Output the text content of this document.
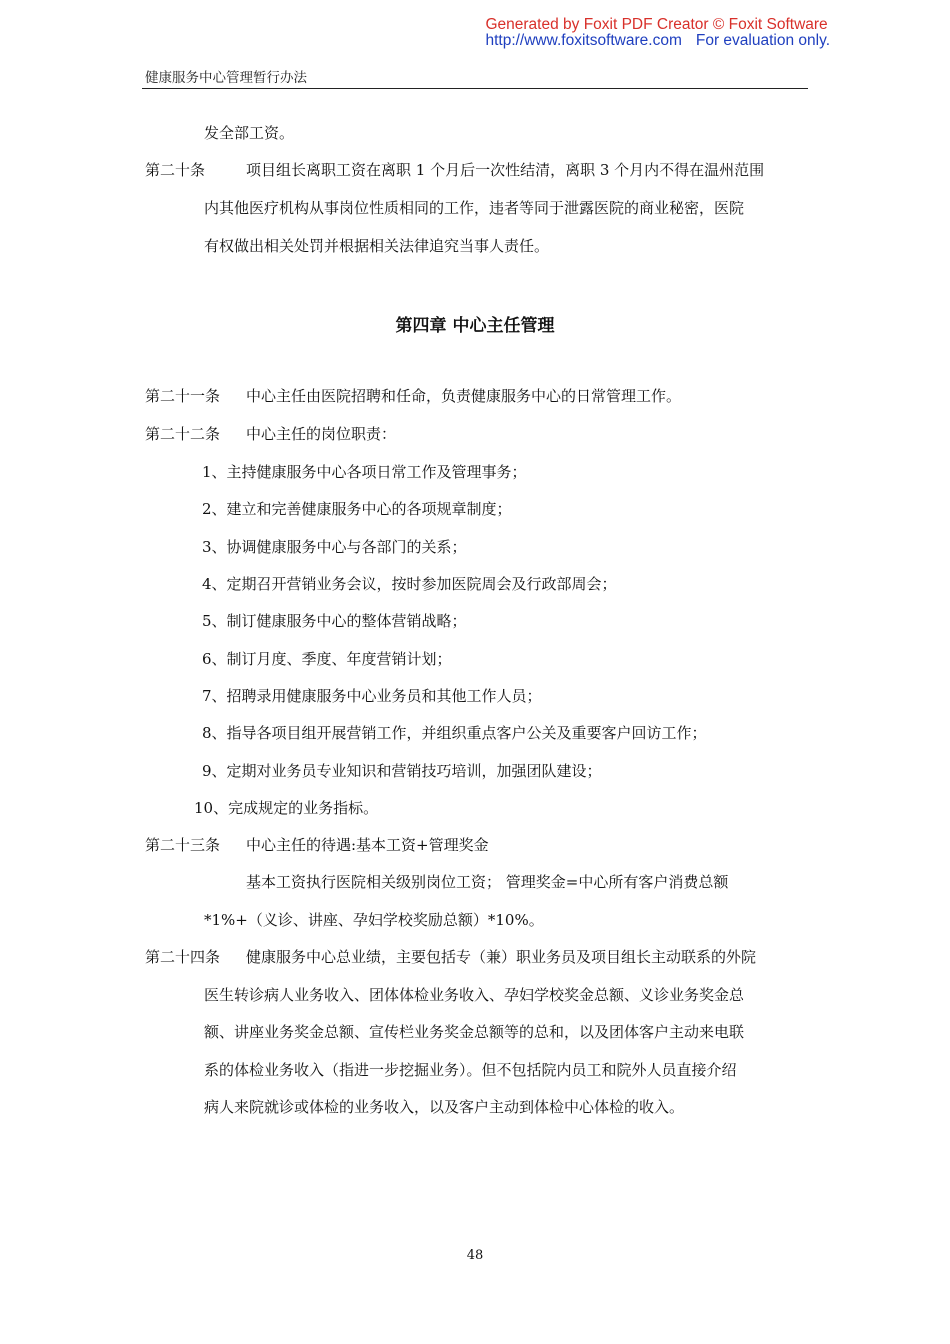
Generated by Foxit PDF Creator © Foxit Software
http://www.foxitsoftware.com For evaluation only.
健康服务中心管理暂行办法
发全部工资。
第二十条	项目组长离职工资在离职 1 个月后一次性结清，离职 3 个月内不得在温州范围
内其他医疗机构从事岗位性质相同的工作，违者等同于泄露医院的商业秘密，医院
有权做出相关处罚并根据相关法律追究当事人责任。
第四章 中心主任管理
第二十一条 中心主任由医院招聘和任命，负责健康服务中心的日常管理工作。
第二十二条 中心主任的岗位职责：
1、主持健康服务中心各项日常工作及管理事务；
2、建立和完善健康服务中心的各项规章制度；
3、协调健康服务中心与各部门的关系；
4、定期召开营销业务会议，按时参加医院周会及行政部周会；
5、制订健康服务中心的整体营销战略；
6、制订月度、季度、年度营销计划；
7、招聘录用健康服务中心业务员和其他工作人员；
8、指导各项目组开展营销工作，并组织重点客户公关及重要客户回访工作；
9、定期对业务员专业知识和营销技巧培训，加强团队建设；
10、完成规定的业务指标。
第二十三条 中心主任的待遇:基本工资+管理奖金
基本工资执行医院相关级别岗位工资； 管理奖金=中心所有客户消费总额
*1%+（义诊、讲座、孕妇学校奖励总额）*10%。
第二十四条 健康服务中心总业绩，主要包括专（兼）职业务员及项目组长主动联系的外院
医生转诊病人业务收入、团体体检业务收入、孕妇学校奖金总额、义诊业务奖金总
额、讲座业务奖金总额、宣传栏业务奖金总额等的总和，以及团体客户主动来电联
系的体检业务收入（指进一步挖掘业务）。但不包括院内员工和院外人员直接介绍
病人来院就诊或体检的业务收入，以及客户主动到体检中心体检的收入。
48
